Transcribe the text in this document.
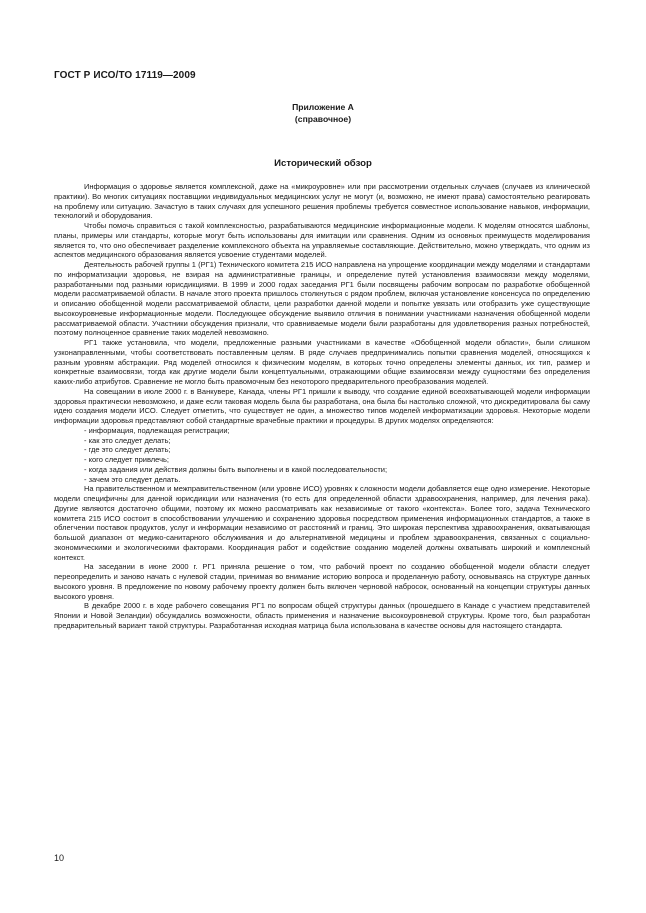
ГОСТ Р ИСО/ТО 17119—2009
Приложение А
(справочное)
Исторический обзор

Информация о здоровье является комплексной, даже на «микроуровне» или при рассмотрении отдельных случаев (случаев из клинической практики). Во многих ситуациях поставщики индивидуальных медицинских услуг не могут (и, возможно, не имеют права) самостоятельно реагировать на проблему или ситуацию. Зачастую в таких случаях для успешного решения проблемы требуется совместное использование навыков, информации, технологий и оборудования.

Чтобы помочь справиться с такой комплексностью, разрабатываются медицинские информационные модели. К моделям относятся шаблоны, планы, примеры или стандарты, которые могут быть использованы для имитации или сравнения. Одним из основных преимуществ моделирования является то, что оно обеспечивает разделение комплексного объекта на управляемые составляющие. Действительно, можно утверждать, что одним из аспектов медицинского образования является усвоение студентами моделей.

Деятельность рабочей группы 1 (РГ1) Технического комитета 215 ИСО направлена на упрощение координации между моделями и стандартами по информатизации здоровья, не взирая на административные границы, и определение путей установления взаимосвязи между моделями, разработанными под разными юрисдикциями. В 1999 и 2000 годах заседания РГ1 были посвящены рабочим вопросам по разработке обобщенной модели рассматриваемой области. В начале этого проекта пришлось столкнуться с рядом проблем, включая установление консенсуса по определению и описанию обобщенной модели рассматриваемой области, цели разработки данной модели и попытке увязать или отобразить уже существующие высокоуровневые информационные модели. Последующее обсуждение выявило отличия в понимании участниками назначения обобщенной модели рассматриваемой области. Участники обсуждения признали, что сравниваемые модели были разработаны для удовлетворения разных потребностей, поэтому полноценное сравнение таких моделей невозможно.

РГ1 также установила, что модели, предложенные разными участниками в качестве «Обобщенной модели области», были слишком узконаправленными, чтобы соответствовать поставленным целям. В ряде случаев предпринимались попытки сравнения моделей, относящихся к разным уровням абстракции. Ряд моделей относился к физическим моделям, в которых точно определены элементы данных, их тип, размер и конкретные взаимосвязи, тогда как другие модели были концептуальными, отражающими общие взаимосвязи между сущностями без определения каких-либо атрибутов. Сравнение не могло быть правомочным без некоторого предварительного преобразования моделей.

На совещании в июле 2000 г. в Ванкувере, Канада, члены РГ1 пришли к выводу, что создание единой всеохватывающей модели информации здоровья практически невозможно, и даже если таковая модель была бы разработана, она была бы настолько сложной, что дискредитировала бы саму идею создания модели ИСО. Следует отметить, что существует не один, а множество типов моделей информатизации здоровья. Некоторые модели информации здоровья представляют собой стандартные врачебные практики и процедуры. В других моделях определяются:

- информация, подлежащая регистрации;
- как это следует делать;
- где это следует делать;
- кого следует привлечь;
- когда задания или действия должны быть выполнены и в какой последовательности;
- зачем это следует делать.

На правительственном и межправительственном (или уровне ИСО) уровнях к сложности модели добавляется еще одно измерение. Некоторые модели специфичны для данной юрисдикции или назначения (то есть для определенной области здравоохранения, например, для лечения рака). Другие являются достаточно общими, поэтому их можно рассматривать как независимые от такого «контекста». Более того, задача Технического комитета 215 ИСО состоит в способствовании улучшению и сохранению здоровья посредством применения информационных стандартов, а также в облегчении поставок продуктов, услуг и информации независимо от расстояний и границ. Это широкая перспектива здравоохранения, охватывающая большой диапазон от медико-санитарного обслуживания и до альтернативной медицины и проблем здравоохранения, связанных с социально-экономическими и экологическими факторами. Координация работ и содействие созданию моделей должны охватывать широкий и комплексный контекст.

На заседании в июне 2000 г. РГ1 приняла решение о том, что рабочий проект по созданию обобщенной модели области следует переопределить и заново начать с нулевой стадии, принимая во внимание историю вопроса и проделанную работу, основываясь на структуре данных высокого уровня. В предложение по новому рабочему проекту должен быть включен черновой набросок, основанный на концепции структуры данных высокого уровня.

В декабре 2000 г. в ходе рабочего совещания РГ1 по вопросам общей структуры данных (прошедшего в Канаде с участием представителей Японии и Новой Зеландии) обсуждались возможности, область применения и назначение высокоуровневой структуры. Кроме того, был разработан предварительный вариант такой структуры. Разработанная исходная матрица была использована в качестве основы для настоящего стандарта.

10
